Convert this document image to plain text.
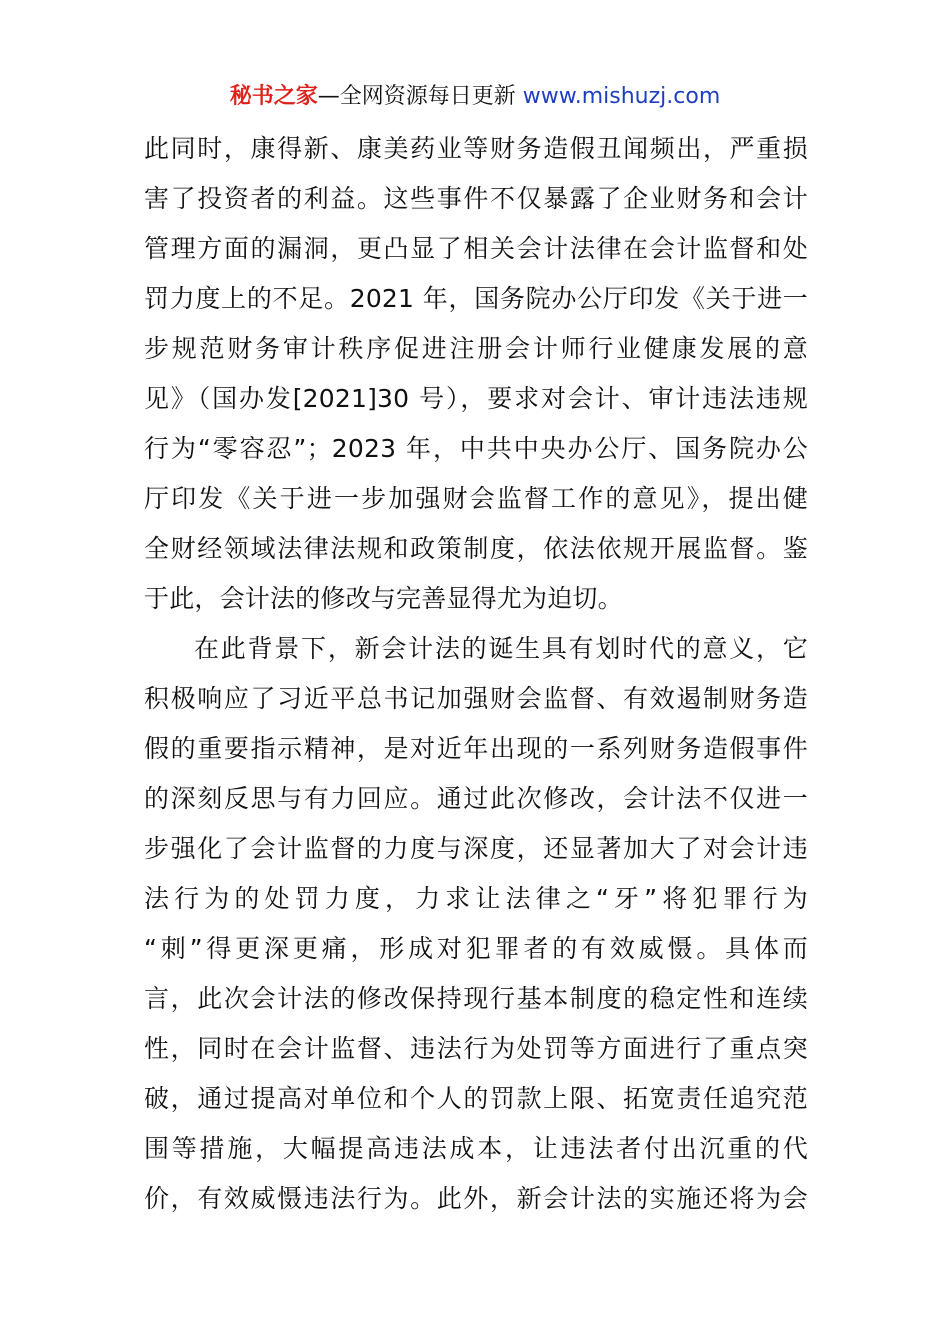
秘书之家—全网资源每日更新 www.mishuzj.com
此同时，康得新、康美药业等财务造假丑闻频出，严重损
害了投资者的利益。这些事件不仅暴露了企业财务和会计
管理方面的漏洞，更凸显了相关会计法律在会计监督和处
罚力度上的不足。2021 年，国务院办公厅印发《关于进一
步规范财务审计秩序促进注册会计师行业健康发展的意
见》（国办发[2021]30 号），要求对会计、审计违法违规
行为“零容忍”；2023 年，中共中央办公厅、国务院办公
厅印发《关于进一步加强财会监督工作的意见》，提出健
全财经领域法律法规和政策制度，依法依规开展监督。鉴
于此，会计法的修改与完善显得尤为迫切。
在此背景下，新会计法的诞生具有划时代的意义，它
积极响应了习近平总书记加强财会监督、有效遏制财务造
假的重要指示精神，是对近年出现的一系列财务造假事件
的深刻反思与有力回应。通过此次修改，会计法不仅进一
步强化了会计监督的力度与深度，还显著加大了对会计违
法行为的处罚力度，力求让法律之“牙”将犯罪行为
“刺”得更深更痛，形成对犯罪者的有效威慑。具体而
言，此次会计法的修改保持现行基本制度的稳定性和连续
性，同时在会计监督、违法行为处罚等方面进行了重点突
破，通过提高对单位和个人的罚款上限、拓宽责任追究范
围等措施，大幅提高违法成本，让违法者付出沉重的代
价，有效威慑违法行为。此外，新会计法的实施还将为会
